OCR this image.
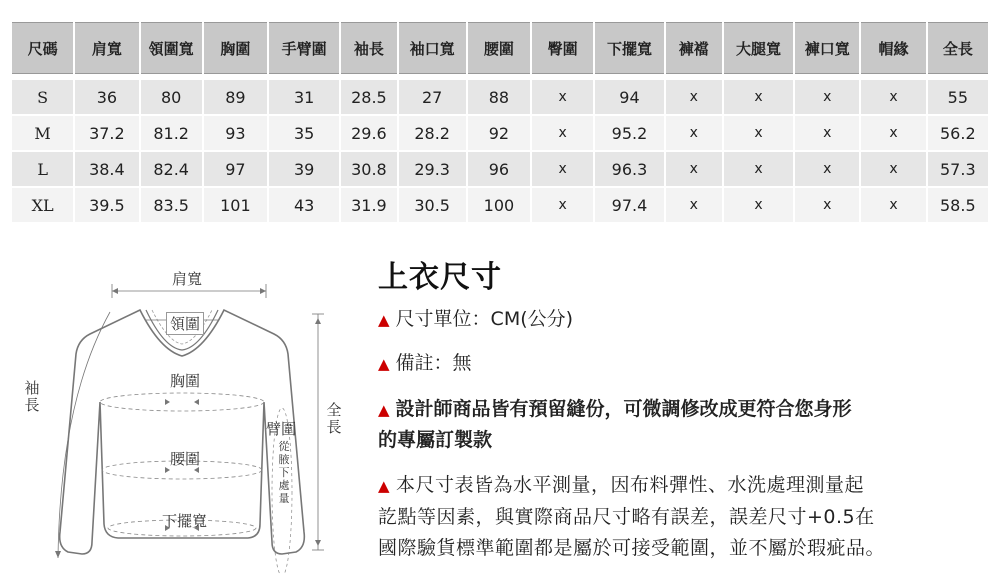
尺碼	肩寬	領圍寬	胸圍	手臂圍	袖長	袖口寬	腰圍	臀圍	下擺寬	褲襠	大腿寬	褲口寬	帽緣	全長
S	36	80	89	31	28.5	27	88	x	94	x	x	x	x	55
M	37.2	81.2	93	35	29.6	28.2	92	x	95.2	x	x	x	x	56.2
L	38.4	82.4	97	39	30.8	29.3	96	x	96.3	x	x	x	x	57.3
XL	39.5	83.5	101	43	31.9	30.5	100	x	97.4	x	x	x	x	58.5
肩寬
領圍
胸圍
腰圍
下擺寬
袖長
臂圍
從腋下處量
全長
上衣尺寸
▲ 尺寸單位：CM(公分)
▲ 備註：無
▲ 設計師商品皆有預留縫份，可微調修改成更符合您身形
的專屬訂製款
▲ 本尺寸表皆為水平測量，因布料彈性、水洗處理測量起
訖點等因素，與實際商品尺寸略有誤差，誤差尺寸+0.5在
國際驗貨標準範圍都是屬於可接受範圍，並不屬於瑕疵品。
